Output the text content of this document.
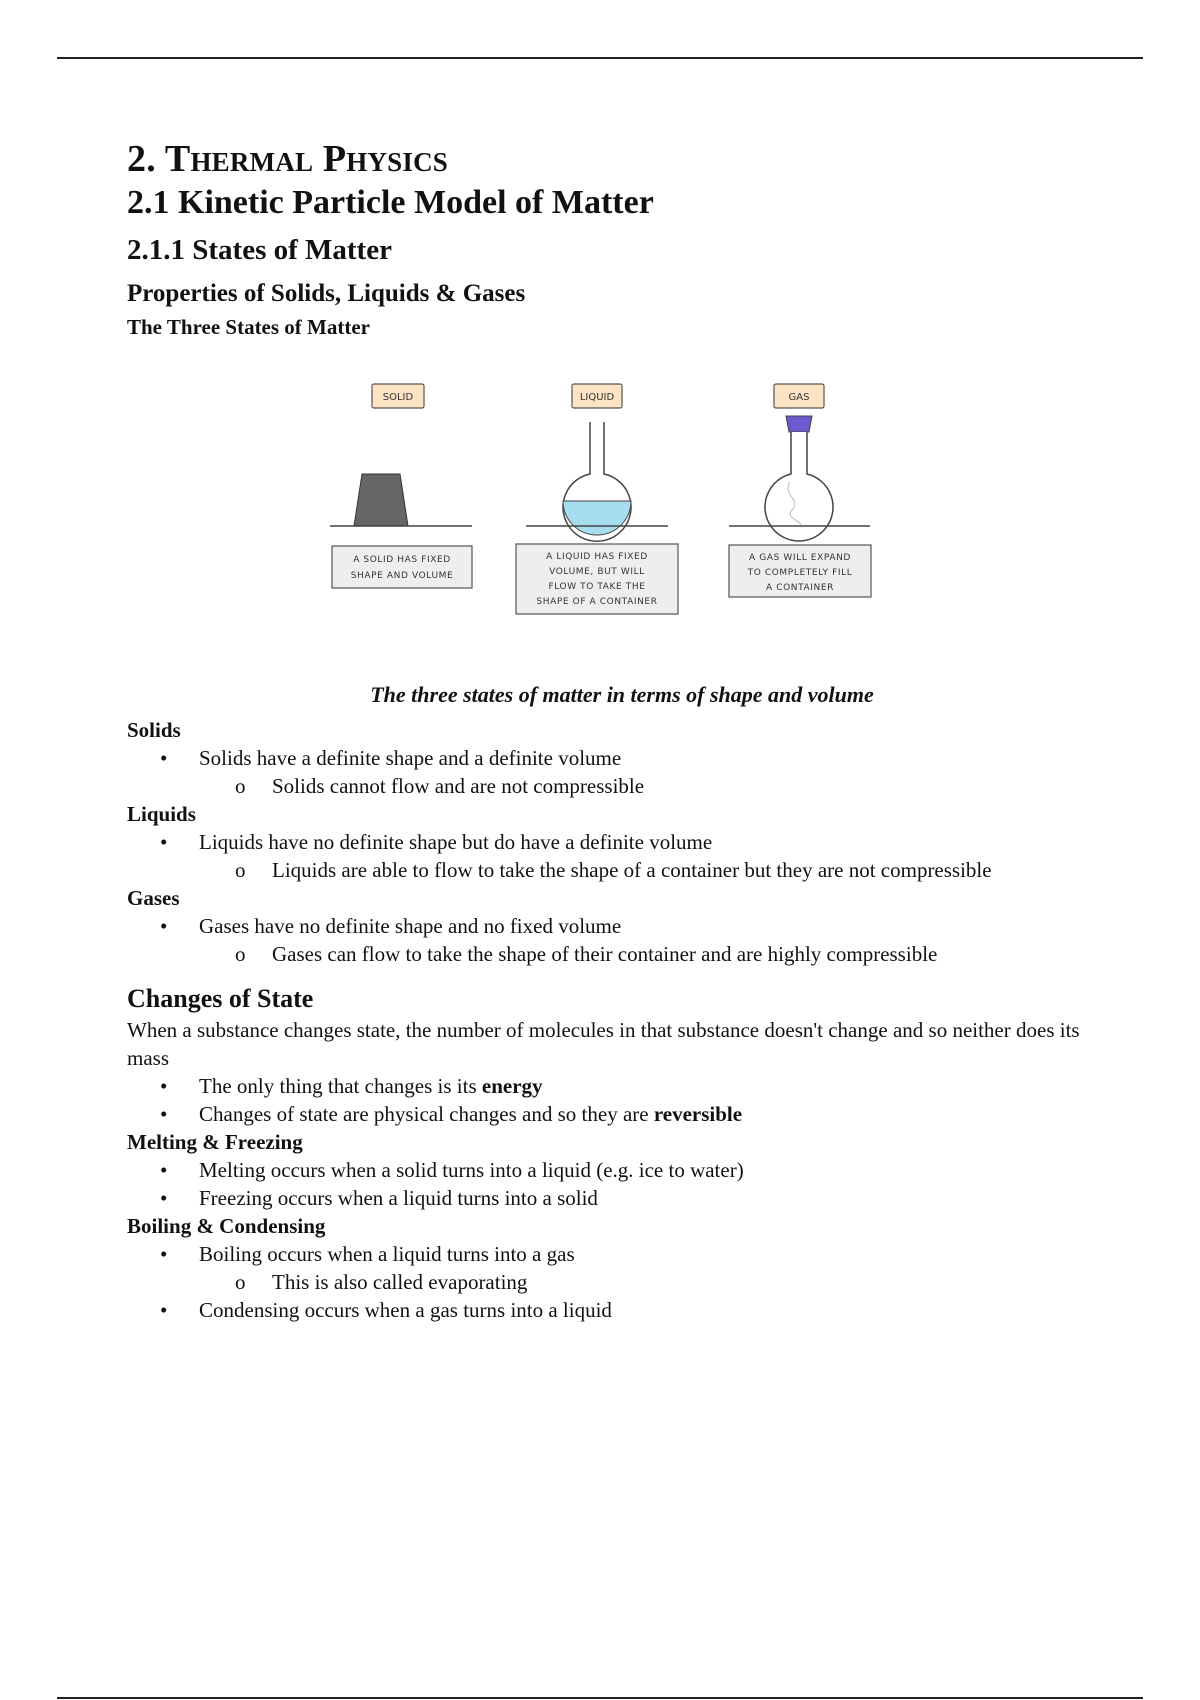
2. Thermal Physics
2.1 Kinetic Particle Model of Matter
2.1.1 States of Matter
Properties of Solids, Liquids & Gases
The Three States of Matter
SOLID
A SOLID HAS FIXED
SHAPE AND VOLUME
LIQUID
A LIQUID HAS FIXED
VOLUME, BUT WILL
FLOW TO TAKE THE
SHAPE OF A CONTAINER
GAS
A GAS WILL EXPAND
TO COMPLETELY FILL
A CONTAINER

The three states of matter in terms of shape and volume

Solids
• Solids have a definite shape and a definite volume
o Solids cannot flow and are not compressible
Liquids
• Liquids have no definite shape but do have a definite volume
o Liquids are able to flow to take the shape of a container but they are not compressible
Gases
• Gases have no definite shape and no fixed volume
o Gases can flow to take the shape of their container and are highly compressible
Changes of State

When a substance changes state, the number of molecules in that substance doesn't change and so neither does its mass

• The only thing that changes is its energy
• Changes of state are physical changes and so they are reversible
Melting & Freezing
• Melting occurs when a solid turns into a liquid (e.g. ice to water)
• Freezing occurs when a liquid turns into a solid
Boiling & Condensing
• Boiling occurs when a liquid turns into a gas
o This is also called evaporating
• Condensing occurs when a gas turns into a liquid
